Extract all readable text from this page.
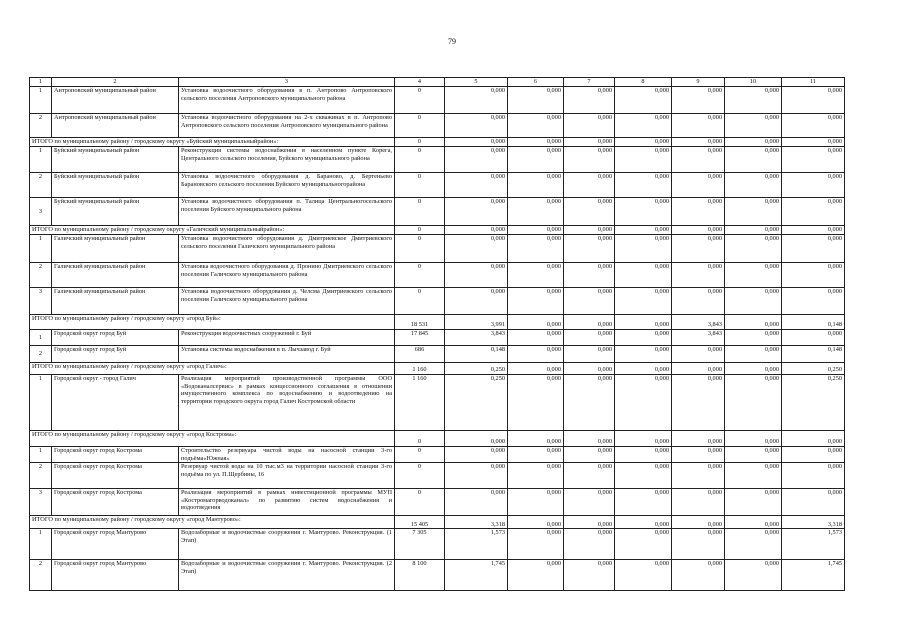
79
1	2	3	4	5	6	7	8	9	10	11
1	Антроповский муниципальный район	Установка водоочистного оборудования в п. Антропово Антроповского сельского поселения Антроповского муниципального района	0	0,000	0,000	0,000	0,000	0,000	0,000	0,000
2	Антроповский муниципальный район	Установка водоочистного оборудования на 2-х скважинах в п. Антропово Антроповского сельского поселения Антроповского муниципального района	0	0,000	0,000	0,000	0,000	0,000	0,000	0,000
ИТОГО по муниципальному району / городскому округу «Буйский муниципальныйрайон»:			0	0,000	0,000	0,000	0,000	0,000	0,000	0,000
1	Буйский муниципальный район	Реконструкция системы водоснабжения в населенном пункте Корега, Центрального сельского поселения, Буйского муниципального района	0	0,000	0,000	0,000	0,000	0,000	0,000	0,000
2	Буйский муниципальный район	Установка водоочистного оборудования д. Бараново, д. Бертеньево Барановского сельского поселения Буйского муниципальногорайона	0	0,000	0,000	0,000	0,000	0,000	0,000	0,000
3	Буйский муниципальный район	Установка водоочистного оборудования п. Талица Центральногосельского поселения Буйского муниципального района	0	0,000	0,000	0,000	0,000	0,000	0,000	0,000
ИТОГО по муниципальному району / городскому округу «Галичский муниципальныйрайон»:			0	0,000	0,000	0,000	0,000	0,000	0,000	0,000
1	Галичский муниципальный район	Установка водоочистного оборудования д. Дмитриевское Дмитриевского сельского поселения Галичского муниципального района	0	0,000	0,000	0,000	0,000	0,000	0,000	0,000
2	Галичский муниципальный район	Установка водоочистного оборудования д. Пронино Дмитриевского сельского поселения Галичского муниципального района	0	0,000	0,000	0,000	0,000	0,000	0,000	0,000
3	Галичский муниципальный район	Установка водоочистного оборудования д. Челсма Дмитриевского сельского поселения Галичского муниципального района	0	0,000	0,000	0,000	0,000	0,000	0,000	0,000
ИТОГО по муниципальному району / городскому округу «город Буй»:			18 531	3,991	0,000	0,000	0,000	3,843	0,000	0,148
1	Городской округ город Буй	Реконструкция водоочистных сооружений г. Буй	17 845	3,843	0,000	0,000	0,000	3,843	0,000	0,000
2	Городской округ город Буй	Установка системы водоснабжения в п. Лычзавод г. Буй	686	0,148	0,000	0,000	0,000	0,000	0,000	0,148
ИТОГО по муниципальному району / городскому округу «город Галич»:			1 160	0,250	0,000	0,000	0,000	0,000	0,000	0,250
1	Городской округ - город Галич	Реализация мероприятий производственной программы ООО «Водоканалсервис» в рамках концессионного соглашения в отношении имущественного комплекса по водоснабжению и водоотведению на территории городского округа город Галич Костромской области	1 160	0,250	0,000	0,000	0,000	0,000	0,000	0,250
ИТОГО по муниципальному району / городскому округу «город Кострома»:			0	0,000	0,000	0,000	0,000	0,000	0,000	0,000
1	Городской округ город Кострома	Строительство резервуара чистой воды на насосной станции 3-го подъёма«Южная»	0	0,000	0,000	0,000	0,000	0,000	0,000	0,000
2	Городской округ город Кострома	Резервуар чистой воды на 10 тыс.м3 на территории насосной станции 3-го подъёма по ул. П.Щербины, 16	0	0,000	0,000	0,000	0,000	0,000	0,000	0,000
3	Городской округ город Кострома	Реализация мероприятий в рамках инвестиционной программы МУП «Костромагорводоканал» по развитию систем водоснабжения и водоотведения	0	0,000	0,000	0,000	0,000	0,000	0,000	0,000
ИТОГО по муниципальному району / городскому округу «город Мантурово»:			15 405	3,318	0,000	0,000	0,000	0,000	0,000	3,318
1	Городской округ город Мантурово	Водозаборные и водоочистные сооружения г. Мантурово. Реконструкция. (1 Этап)	7 305	1,573	0,000	0,000	0,000	0,000	0,000	1,573
2	Городской округ город Мантурово	Водозаборные и водоочистные сооружения г. Мантурово. Реконструкция. (2 Этап)	8 100	1,745	0,000	0,000	0,000	0,000	0,000	1,745
